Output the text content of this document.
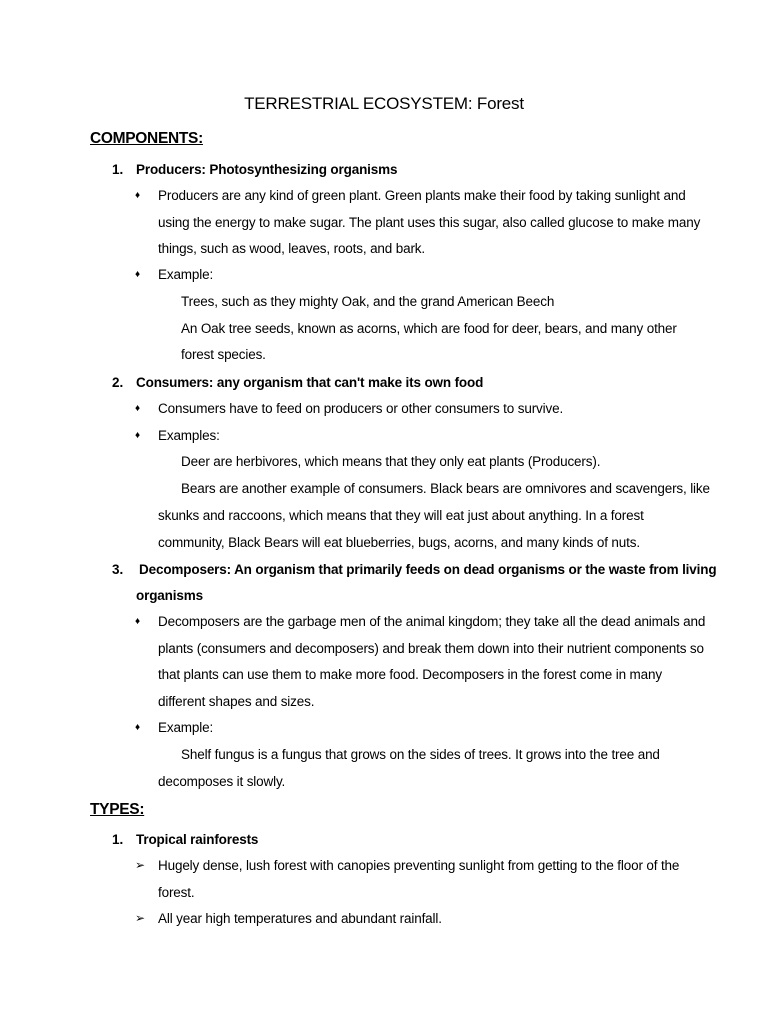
TERRESTRIAL ECOSYSTEM: Forest
COMPONENTS:
1. Producers: Photosynthesizing organisms
♦ Producers are any kind of green plant. Green plants make their food by taking sunlight and
using the energy to make sugar. The plant uses this sugar, also called glucose to make many
things, such as wood, leaves, roots, and bark.
♦ Example:
Trees, such as they mighty Oak, and the grand American Beech
An Oak tree seeds, known as acorns, which are food for deer, bears, and many other
forest species.
2. Consumers: any organism that can't make its own food
♦ Consumers have to feed on producers or other consumers to survive.
♦ Examples:
Deer are herbivores, which means that they only eat plants (Producers).
Bears are another example of consumers. Black bears are omnivores and scavengers, like
skunks and raccoons, which means that they will eat just about anything. In a forest
community, Black Bears will eat blueberries, bugs, acorns, and many kinds of nuts.
3. Decomposers: An organism that primarily feeds on dead organisms or the waste from living
organisms
♦ Decomposers are the garbage men of the animal kingdom; they take all the dead animals and
plants (consumers and decomposers) and break them down into their nutrient components so
that plants can use them to make more food. Decomposers in the forest come in many
different shapes and sizes.
♦ Example:
Shelf fungus is a fungus that grows on the sides of trees. It grows into the tree and
decomposes it slowly.
TYPES:
1. Tropical rainforests
➢ Hugely dense, lush forest with canopies preventing sunlight from getting to the floor of the
forest.
➢ All year high temperatures and abundant rainfall.
